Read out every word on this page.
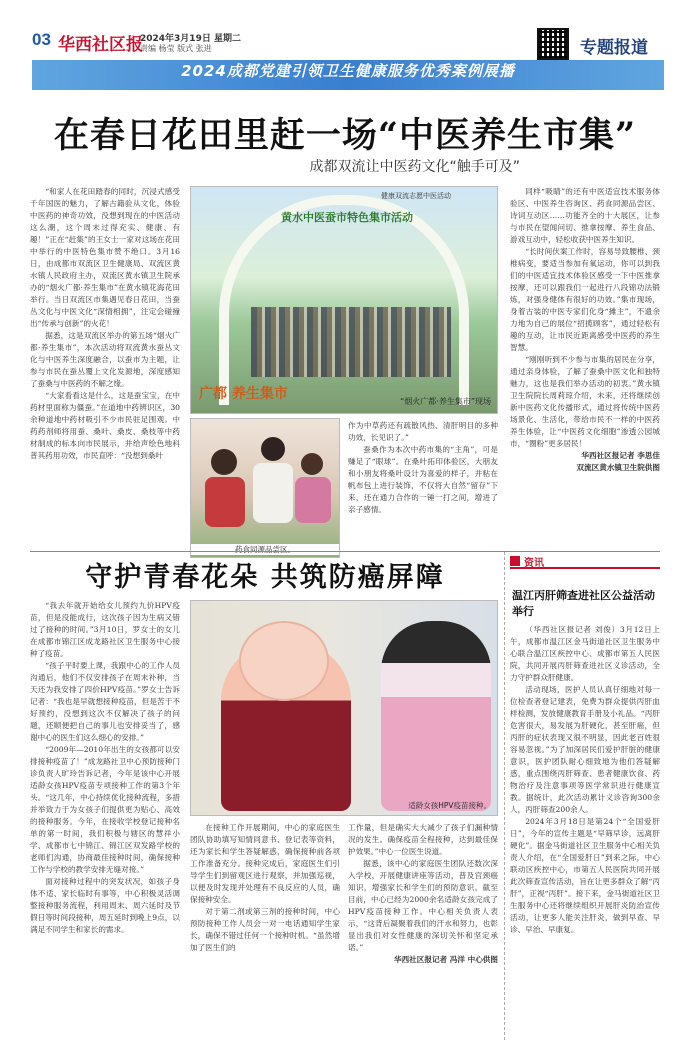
03 华西社区报
2024年3月19日 星期二
责编 杨莹 版式 张进	专题报道
2024成都党建引领卫生健康服务优秀案例展播
在春日花田里赶一场“中医养生市集”
成都双流让中医药文化“触手可及”

“和家人在花田踏春的同时，沉浸式感受千年国医的魅力，了解古籍验从文化，体验中医药的神奇功效，没想到现在的中医活动这么潮，这个周末过得充实、健康、有趣！”正在“赶集”的王女士一家对这场在花田中举行的中医特色集市赞不绝口。3月16日，由成都市双流区卫生健康局、双流区黄水镇人民政府主办，双流区黄水镇卫生院承办的“烟火广都·养生集市”在黄水镇花海花田举行。当日双流区市集遇见春日花田，当蚕丛文化与中医文化“深情相拥”，注定会碰撞出“传承与创新”的火花！

据悉，这是双流区举办的第五场“烟火广都·养生集市”，本次活动将双流黄水蚕丛文化与中医养生深度融合，以蚕市为主题，让参与市民在蚕丛覆上文化发源地，深度感知了蚕桑与中医药的不解之缘。

“大家看看这是什么，这是蚕宝宝，在中药材里面称为僵蚕。”在道地中药辨识区，30余种道地中药材吸引不少市民驻足围观。中药药剂师将用蚕、桑叶、桑皮、桑枝等中药材制成的标本向市民展示，并给声绘色地科普其药用功效，市民直呼：“没想到桑叶

健康双流志愿中医活动
黄水中医蚕市特色集市活动
广都 养生集市	“烟火广都·养生集市”现场
药食同源品尝区。

作为中草药还有疏散风热、清肝明目的多种功效，长见识了。”

蚕桑作为本次中药市集的“主角”，可是赚足了“眼球”。在桑叶拓印体验区，大朋友和小朋友将桑叶设计为喜爱的样子，并粘在帆布包上进行装饰，不仅将大自然“留存”下来，还在通力合作的一锤一打之间，增进了亲子感情。

同样“吸睛”的还有中医适宜技术服务体验区、中医养生咨询区、药食同源品尝区、诗词互动区……功能齐全的十大展区，让参与市民在望闻问切、推拿按摩、养生食品、游戏互动中，轻松收获中医养生知识。

“长时间伏案工作时，容易导致腰椎、颈椎病变，要适当参加有氧运动，你可以到我们的中医适宜技术体验区感受一下中医推拿按摩，还可以跟我们一起进行八段锦功法锻炼，对强身健体有很好的功效。”集市现场，身着古装的中医专家们化身“摊主”，不遗余力地为自己的展位“招揽顾客”，通过轻松有趣的互动，让市民近距离感受中医药的养生智慧。

“刚刚听到不少参与市集的居民在分享，通过亲身体验，了解了蚕桑中医文化和独特魅力，这也是我们举办活动的初衷。”黄水镇卫生院院长周莉琼介绍，未来，还将继续创新中医药文化传播形式，通过将传统中医药场景化、生活化，带给市民不一样的中医药养生体验，让“中医药文化细胞”渗透公园城市，“圈粉”更多居民！

华西社区报记者 李思佳
双流区黄水镇卫生院供图
守护青春花朵 共筑防癌屏障

“我去年就开始给女儿预约九价HPV疫苗，但是没能成行，这次孩子因为生病又错过了接种的时间。”3月10日，罗女士的女儿在成都市锦江区成龙路社区卫生服务中心接种了疫苗。

“孩子平时要上课，我跟中心的工作人员沟通后，他们不仅安排孩子在周末补种，当天还为我安排了四价HPV疫苗。”罗女士告诉记者：“我也是早就想接种疫苗，但是苦于不好预约，没想到这次不仅解决了孩子的问题，还顺便把自己的事儿也安排妥当了，感谢中心的医生们这么细心的安排。”

“2009年—2010年出生的女孩都可以安排接种疫苗了！”成龙路社卫中心预防接种门诊负责人旷玲告诉记者，今年是该中心开展适龄女孩HPV疫苗专项接种工作的第3个年头。“这几年，中心持续优化接种流程，多措并举致力于为女孩子们提供更为贴心、高效的接种服务。今年，在接收学校登记接种名单的第一时间，我们积极与辖区的慧祥小学、成都市七中锦江、锦江区双发路学校的老师们沟通，协商最佳接种时间，确保接种工作与学校的教学安排无缝对接。”

面对接种过程中的突发状况，如孩子身体不适、家长临时有事等，中心积极灵活调整接种服务流程，利用周末、周六延时及节假日等时间段接种，周五延时到晚上9点，以满足不同学生和家长的需求。

适龄女孩HPV疫苗接种。

在接种工作开展期间，中心的家庭医生团队协助填写知情同意书、登记表等资料，还为家长和学生答疑解惑，确保接种前各项工作准备充分。接种完成后，家庭医生们引导学生们到留观区进行观察，并加强巡视，以便及时发现并处理有不良反应的人员，确保接种安全。

对于第二剂或第三剂的接种时间，中心预防接种工作人员会一对一电话通知学生家长，确保不错过任何一个接种时机。“虽然增加了医生们的

工作量，但是确实大大减少了孩子们漏种情况的发生。确保疫苗全程接种，达到最佳保护效果。”中心一位医生说道。

据悉，该中心的家庭医生团队还数次深入学校，开展健康讲座等活动，普及宫颈癌知识，增强家长和学生们的预防意识。截至目前，中心已经为2000余名适龄女孩完成了HPV疫苗接种工作。中心相关负责人表示，“这背后凝聚着我们的汗水和努力，也彰显出我们对女性健康的深切关怀和坚定承诺。”

华西社区报记者 冯洋 中心供图
资讯
温江丙肝筛查进社区公益活动举行

（华西社区报记者 刘俊）3月12日上午，成都市温江区金马街道社区卫生服务中心联合温江区疾控中心、成都市第五人民医院，共同开展丙肝筛查进社区义诊活动，全力守护群众肝健康。

活动现场，医护人员认真仔细地对每一位检查者登记建表，免费为群众提供丙肝血样检测，发放健康教育手册及小礼品。“丙肝危害很大，易发展为肝硬化，甚至肝癌，但丙肝的症状表现又很不明显，因此老百姓很容易忽视。”为了加深居民们爱护肝脏的健康意识，医护团队耐心细致地为他们答疑解惑，重点围绕丙肝筛查、患者健康饮食、药物治疗及注意事项等医学常识进行健康宣教。据统计，此次活动累计义诊咨询300余人，丙肝筛查200余人。

2024年3月18日是第24个“全国爱肝日”，今年的宣传主题是“早筛早诊，远离肝硬化”。据金马街道社区卫生服务中心相关负责人介绍，在“全国爱肝日”到来之际，中心联动区疾控中心，市第五人民医院共同开展此次筛查宣传活动，旨在让更多群众了解“丙肝”，正视“丙肝”。接下来，金马街道社区卫生服务中心还将继续组织开展肝炎防治宣传活动，让更多人能关注肝炎，做到早查、早诊、早治、早康复。
